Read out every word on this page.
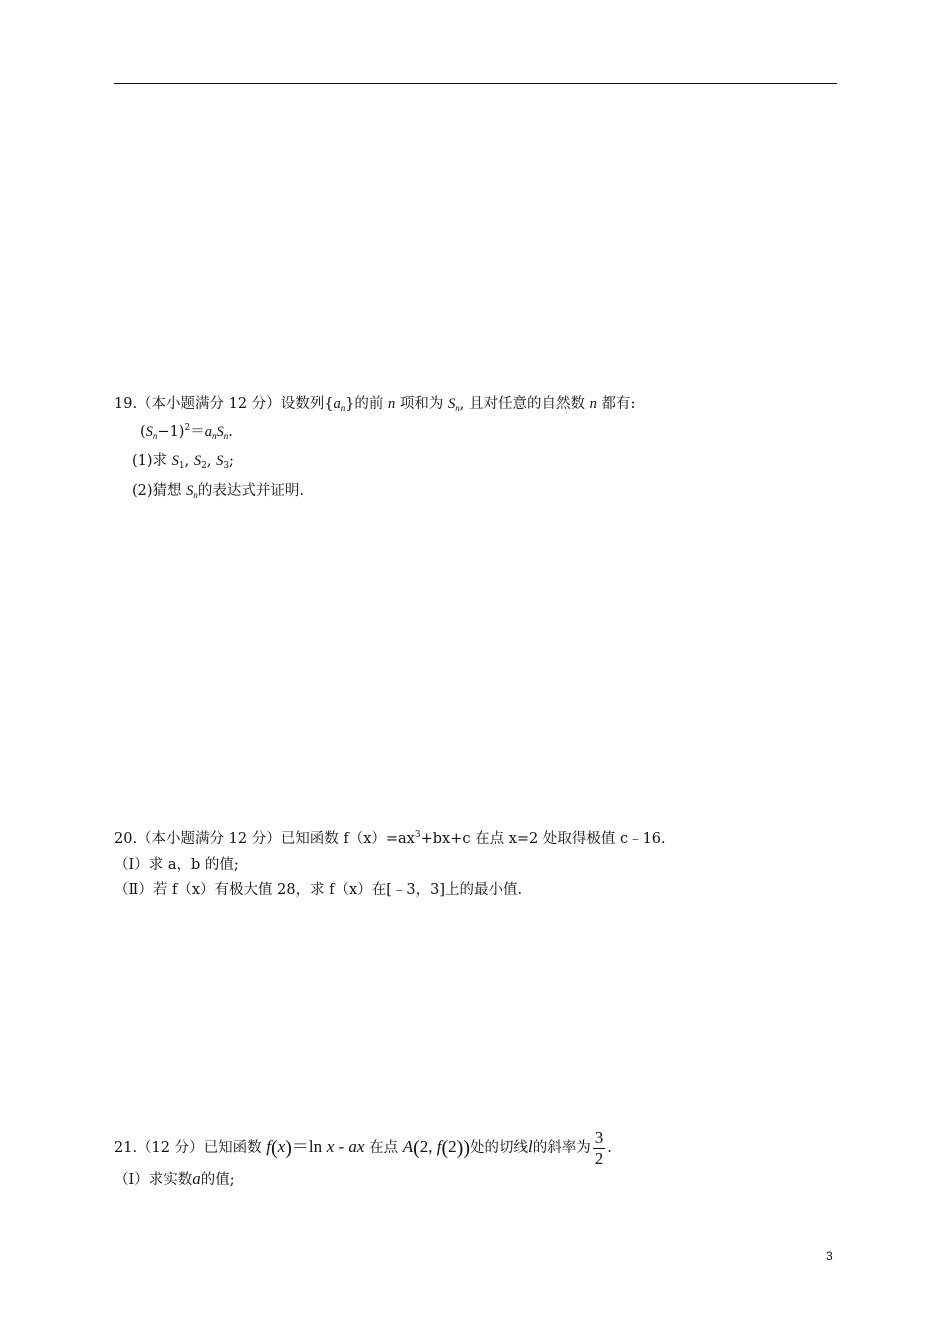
19.（本小题满分 12 分）设数列$\{a_n\}$的前 n 项和为 $S_n$, 且对任意的自然数 n 都有:
$(S_n-1)^2=a_nS_n$.
(1)求 $S_1$, $S_2$, $S_3$;
(2)猜想 $S_n$的表达式并证明.
20.（本小题满分 12 分）已知函数 $f(x)=ax^3+bx+c$ 在点 x=2 处取得极值 c﹣16.
（Ⅰ）求 a，b 的值;
（Ⅱ）若 f（x）有极大值 28，求 f（x）在[﹣3，3]上的最小值.
21.（12 分）已知函数 f(x)＝ln x - ax 在点 A(2, f(2))处的切线l的斜率为 $\frac{3}{2}$ .
（Ⅰ）求实数a的值;
3
